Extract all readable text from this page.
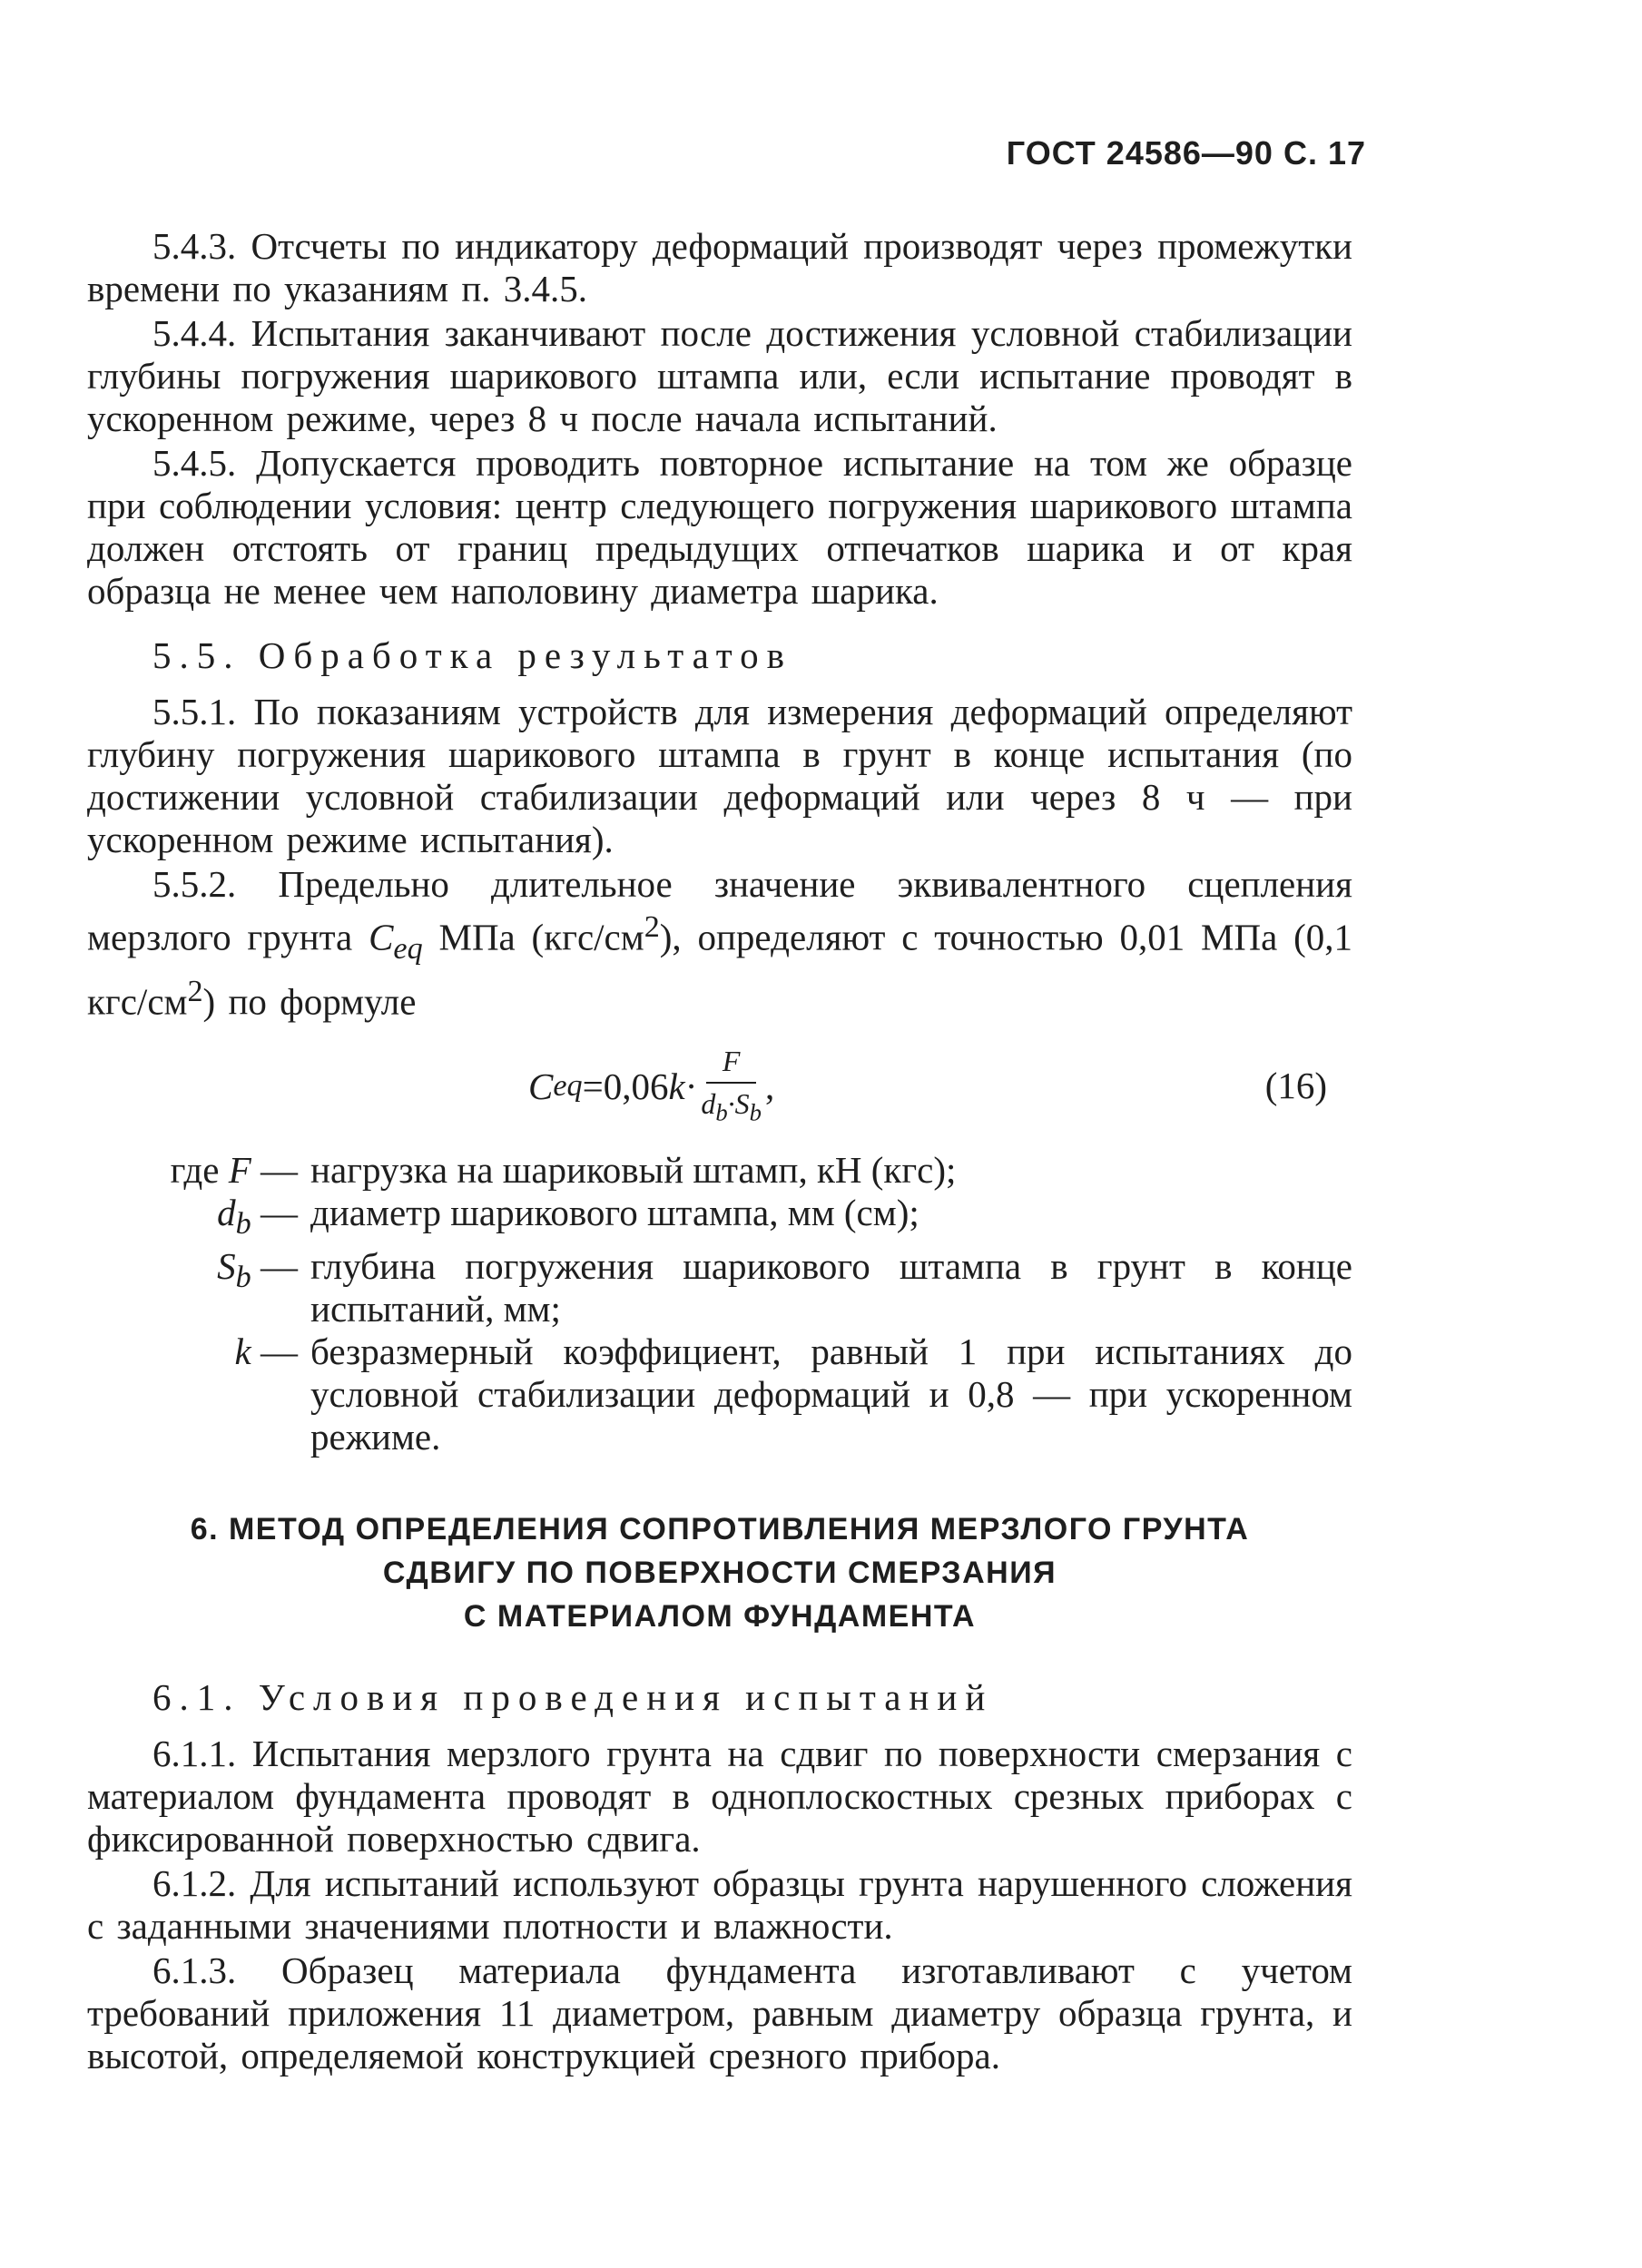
ГОСТ 24586—90 С. 17

5.4.3. Отсчеты по индикатору деформаций производят через промежутки времени по указаниям п. 3.4.5.

5.4.4. Испытания заканчивают после достижения условной стабилизации глубины погружения шарикового штампа или, если испытание проводят в ускоренном режиме, через 8 ч после начала испытаний.

5.4.5. Допускается проводить повторное испытание на том же образце при соблюдении условия: центр следующего погружения шарикового штампа должен отстоять от границ предыдущих отпечатков шарика и от края образца не менее чем наполовину диаметра шарика.

5.5. Обработка результатов

5.5.1. По показаниям устройств для измерения деформаций определяют глубину погружения шарикового штампа в грунт в конце испытания (по достижении условной стабилизации деформаций или через 8 ч — при ускоренном режиме испытания).

5.5.2. Предельно длительное значение эквивалентного сцепления мерзлого грунта $C_{eq}$ МПа $(кгс/см^2)$, определяют с точностью 0,01 МПа (0,1 кгс/$см^2$) по формуле

C eq =0,06 $k \cdot \frac{F}{d_b\cdot S_b}$ ,	(16)
где F — нагрузка на шариковый штамп, кН (кгс);
$d_b$ — диаметр шарикового штампа, мм (см);
$S_b$ — глубина погружения шарикового штампа в грунт в конце испытаний, мм;
k — безразмерный коэффициент, равный 1 при испытаниях до условной стабилизации деформаций и 0,8 — при ускоренном режиме.
6. МЕТОД ОПРЕДЕЛЕНИЯ СОПРОТИВЛЕНИЯ МЕРЗЛОГО ГРУНТА
СДВИГУ ПО ПОВЕРХНОСТИ СМЕРЗАНИЯ
С МАТЕРИАЛОМ ФУНДАМЕНТА

6.1. Условия проведения испытаний

6.1.1. Испытания мерзлого грунта на сдвиг по поверхности смерзания с материалом фундамента проводят в одноплоскостных срезных приборах с фиксированной поверхностью сдвига.

6.1.2. Для испытаний используют образцы грунта нарушенного сложения с заданными значениями плотности и влажности.

6.1.3. Образец материала фундамента изготавливают с учетом требований приложения 11 диаметром, равным диаметру образца грунта, и высотой, определяемой конструкцией срезного прибора.
